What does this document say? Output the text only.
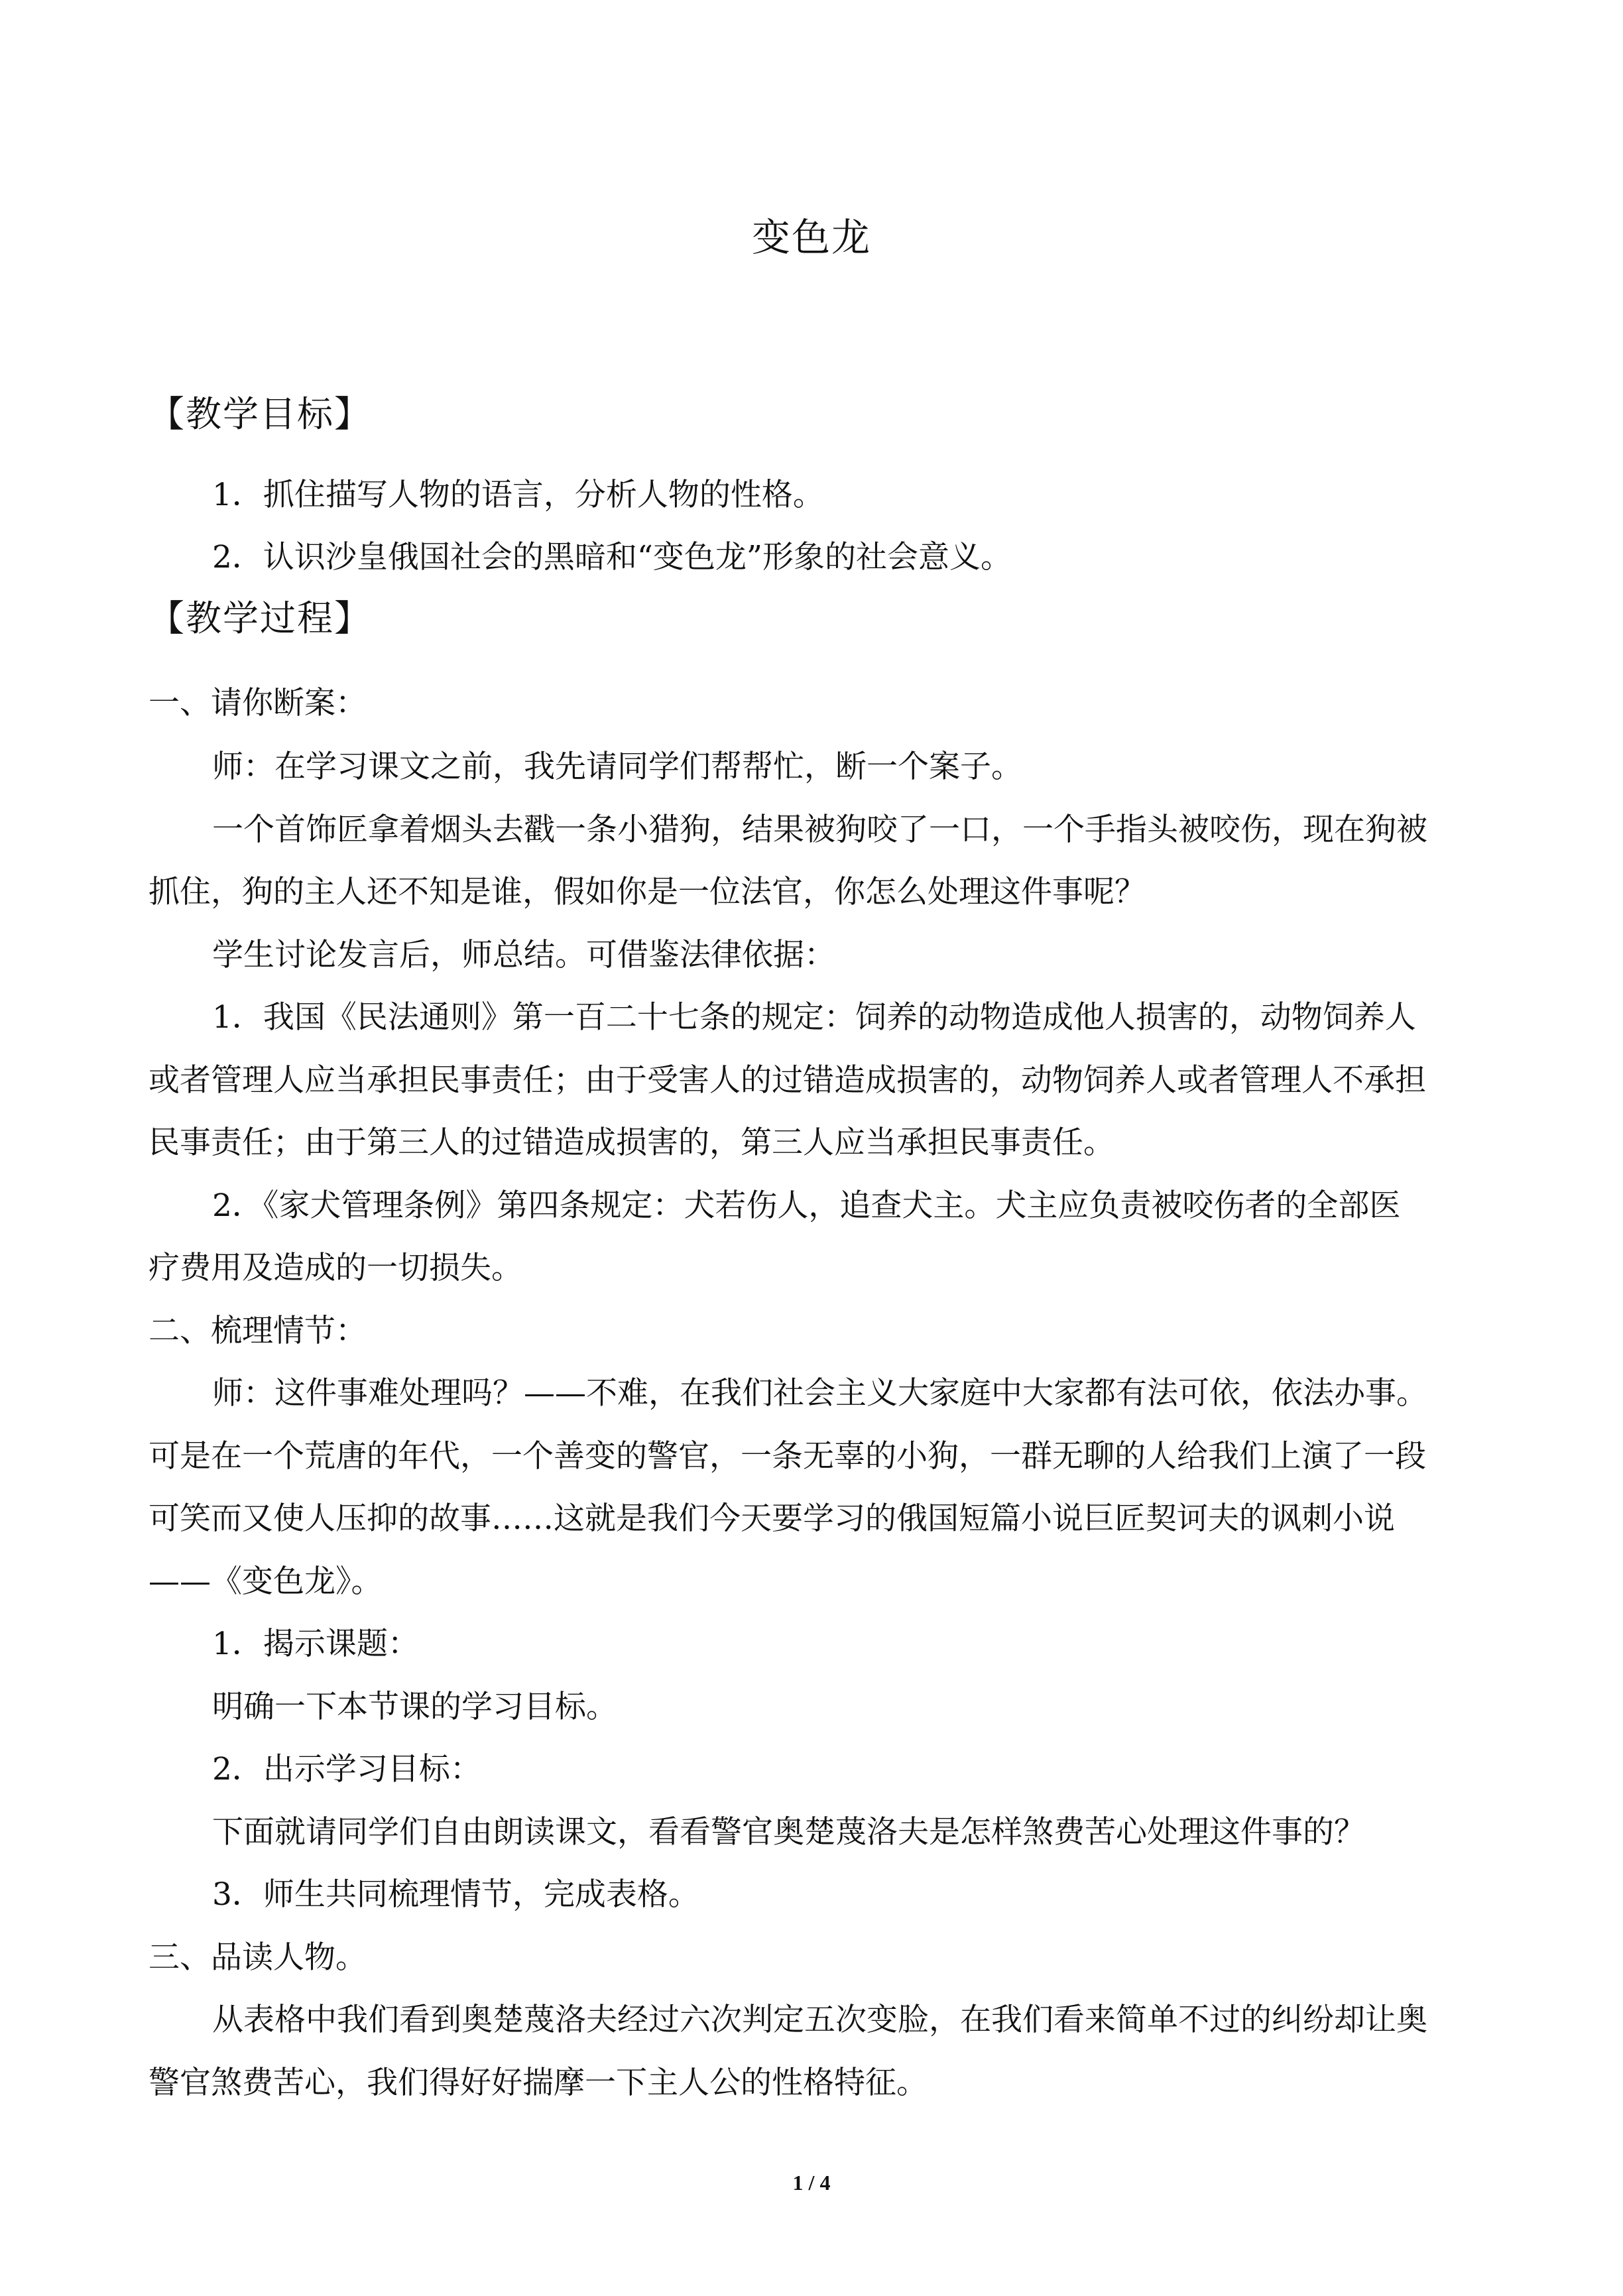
变色龙
【教学目标】
1．抓住描写人物的语言，分析人物的性格。
2．认识沙皇俄国社会的黑暗和“变色龙”形象的社会意义。
【教学过程】
一、请你断案：
师：在学习课文之前，我先请同学们帮帮忙，断一个案子。
一个首饰匠拿着烟头去戳一条小猎狗，结果被狗咬了一口，一个手指头被咬伤，现在狗被
抓住，狗的主人还不知是谁，假如你是一位法官，你怎么处理这件事呢？
学生讨论发言后，师总结。可借鉴法律依据：
1．我国《民法通则》第一百二十七条的规定：饲养的动物造成他人损害的，动物饲养人
或者管理人应当承担民事责任；由于受害人的过错造成损害的，动物饲养人或者管理人不承担
民事责任；由于第三人的过错造成损害的，第三人应当承担民事责任。
2．《家犬管理条例》第四条规定：犬若伤人，追查犬主。犬主应负责被咬伤者的全部医
疗费用及造成的一切损失。
二、梳理情节：
师：这件事难处理吗？——不难，在我们社会主义大家庭中大家都有法可依，依法办事。
可是在一个荒唐的年代，一个善变的警官，一条无辜的小狗，一群无聊的人给我们上演了一段
可笑而又使人压抑的故事……这就是我们今天要学习的俄国短篇小说巨匠契诃夫的讽刺小说
——《变色龙》。
1．揭示课题：
明确一下本节课的学习目标。
2．出示学习目标：
下面就请同学们自由朗读课文，看看警官奥楚蔑洛夫是怎样煞费苦心处理这件事的？
3．师生共同梳理情节，完成表格。
三、品读人物。
从表格中我们看到奥楚蔑洛夫经过六次判定五次变脸，在我们看来简单不过的纠纷却让奥
警官煞费苦心，我们得好好揣摩一下主人公的性格特征。
1 / 4
